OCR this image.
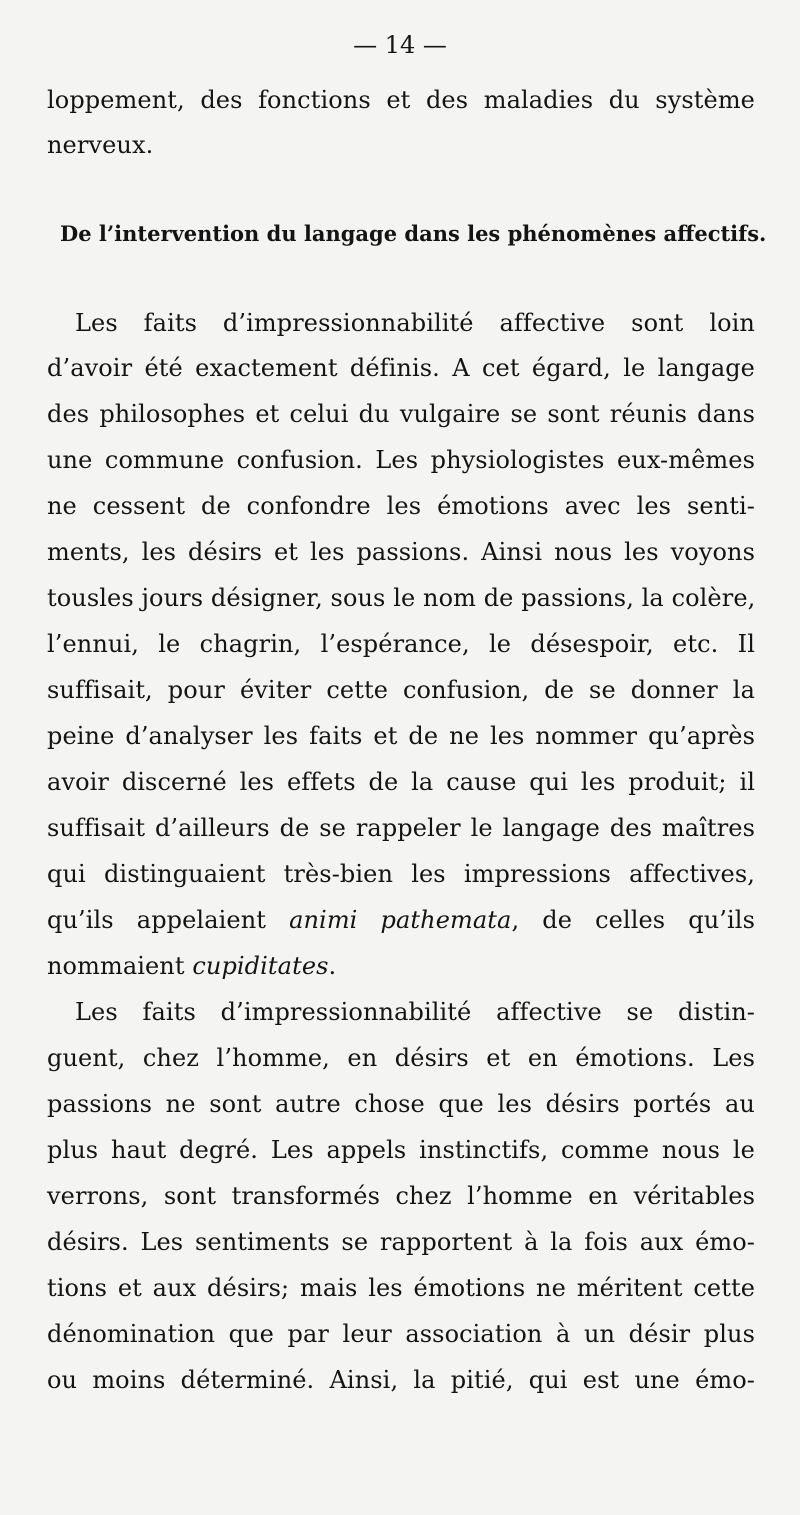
— 14 —
loppement, des fonctions et des maladies du système
nerveux.
De l’intervention du langage dans les phénomènes affectifs.
Les faits d’impressionnabilité affective sont loin
d’avoir été exactement définis. A cet égard, le langage
des philosophes et celui du vulgaire se sont réunis dans
une commune confusion. Les physiologistes eux-mêmes
ne cessent de confondre les émotions avec les senti-
ments, les désirs et les passions. Ainsi nous les voyons
tousles jours désigner, sous le nom de passions, la colère,
l’ennui, le chagrin, l’espérance, le désespoir, etc. Il
suffisait, pour éviter cette confusion, de se donner la
peine d’analyser les faits et de ne les nommer qu’après
avoir discerné les effets de la cause qui les produit; il
suffisait d’ailleurs de se rappeler le langage des maîtres
qui distinguaient très-bien les impressions affectives,
qu’ils appelaient animi pathemata, de celles qu’ils
nommaient cupiditates.
Les faits d’impressionnabilité affective se distin-
guent, chez l’homme, en désirs et en émotions. Les
passions ne sont autre chose que les désirs portés au
plus haut degré. Les appels instinctifs, comme nous le
verrons, sont transformés chez l’homme en véritables
désirs. Les sentiments se rapportent à la fois aux émo-
tions et aux désirs; mais les émotions ne méritent cette
dénomination que par leur association à un désir plus
ou moins déterminé. Ainsi, la pitié, qui est une émo-
